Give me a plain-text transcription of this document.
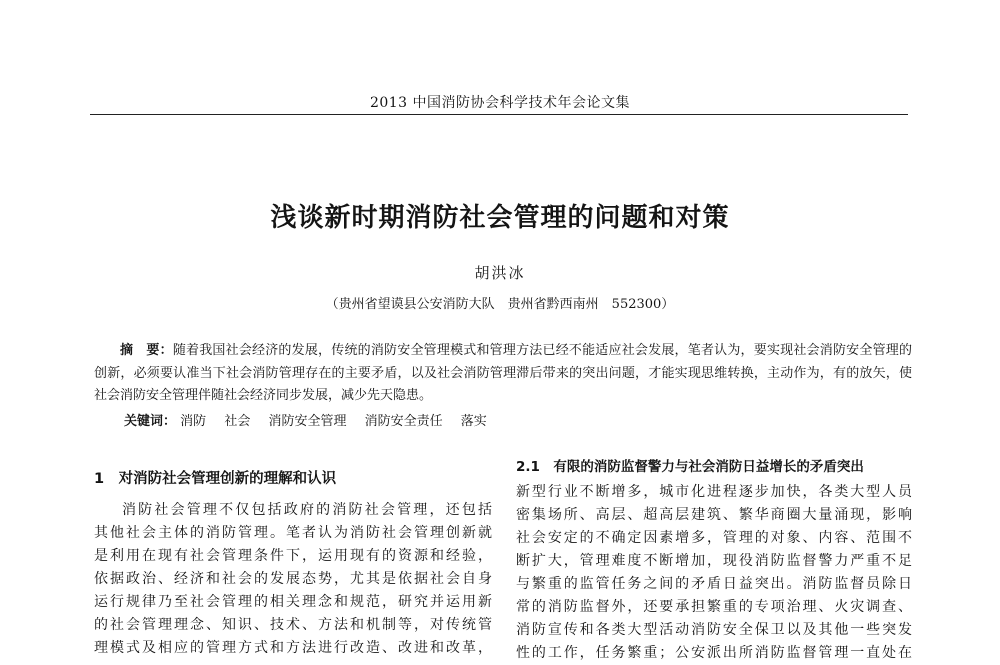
2013 中国消防协会科学技术年会论文集
浅谈新时期消防社会管理的问题和对策
胡洪冰
（贵州省望谟县公安消防大队　贵州省黔西南州　552300）

摘　要：随着我国社会经济的发展，传统的消防安全管理模式和管理方法已经不能适应社会发展，笔者认为，要实现社会消防安全管理的创新，必须要认准当下社会消防管理存在的主要矛盾，以及社会消防管理滞后带来的突出问题，才能实现思维转换，主动作为，有的放矢，使社会消防安全管理伴随社会经济同步发展，减少先天隐患。

关键词： 消防 社会 消防安全管理 消防安全责任 落实
1　对消防社会管理创新的理解和认识
消防社会管理不仅包括政府的消防社会管理，还包括
其他社会主体的消防管理。笔者认为消防社会管理创新就
是利用在现有社会管理条件下，运用现有的资源和经验，
依据政治、经济和社会的发展态势，尤其是依据社会自身
运行规律乃至社会管理的相关理念和规范，研究并运用新
的社会管理理念、知识、技术、方法和机制等，对传统管
理模式及相应的管理方式和方法进行改造、改进和改革，
2.1　有限的消防监督警力与社会消防日益增长的矛盾突出
新型行业不断增多，城市化进程逐步加快，各类大型人员
密集场所、高层、超高层建筑、繁华商圈大量涌现，影响
社会安定的不确定因素增多，管理的对象、内容、范围不
断扩大，管理难度不断增加，现役消防监督警力严重不足
与繁重的监管任务之间的矛盾日益突出。消防监督员除日
常的消防监督外，还要承担繁重的专项治理、火灾调查、
消防宣传和各类大型活动消防安全保卫以及其他一些突发
性的工作，任务繁重；公安派出所消防监督管理一直处在
